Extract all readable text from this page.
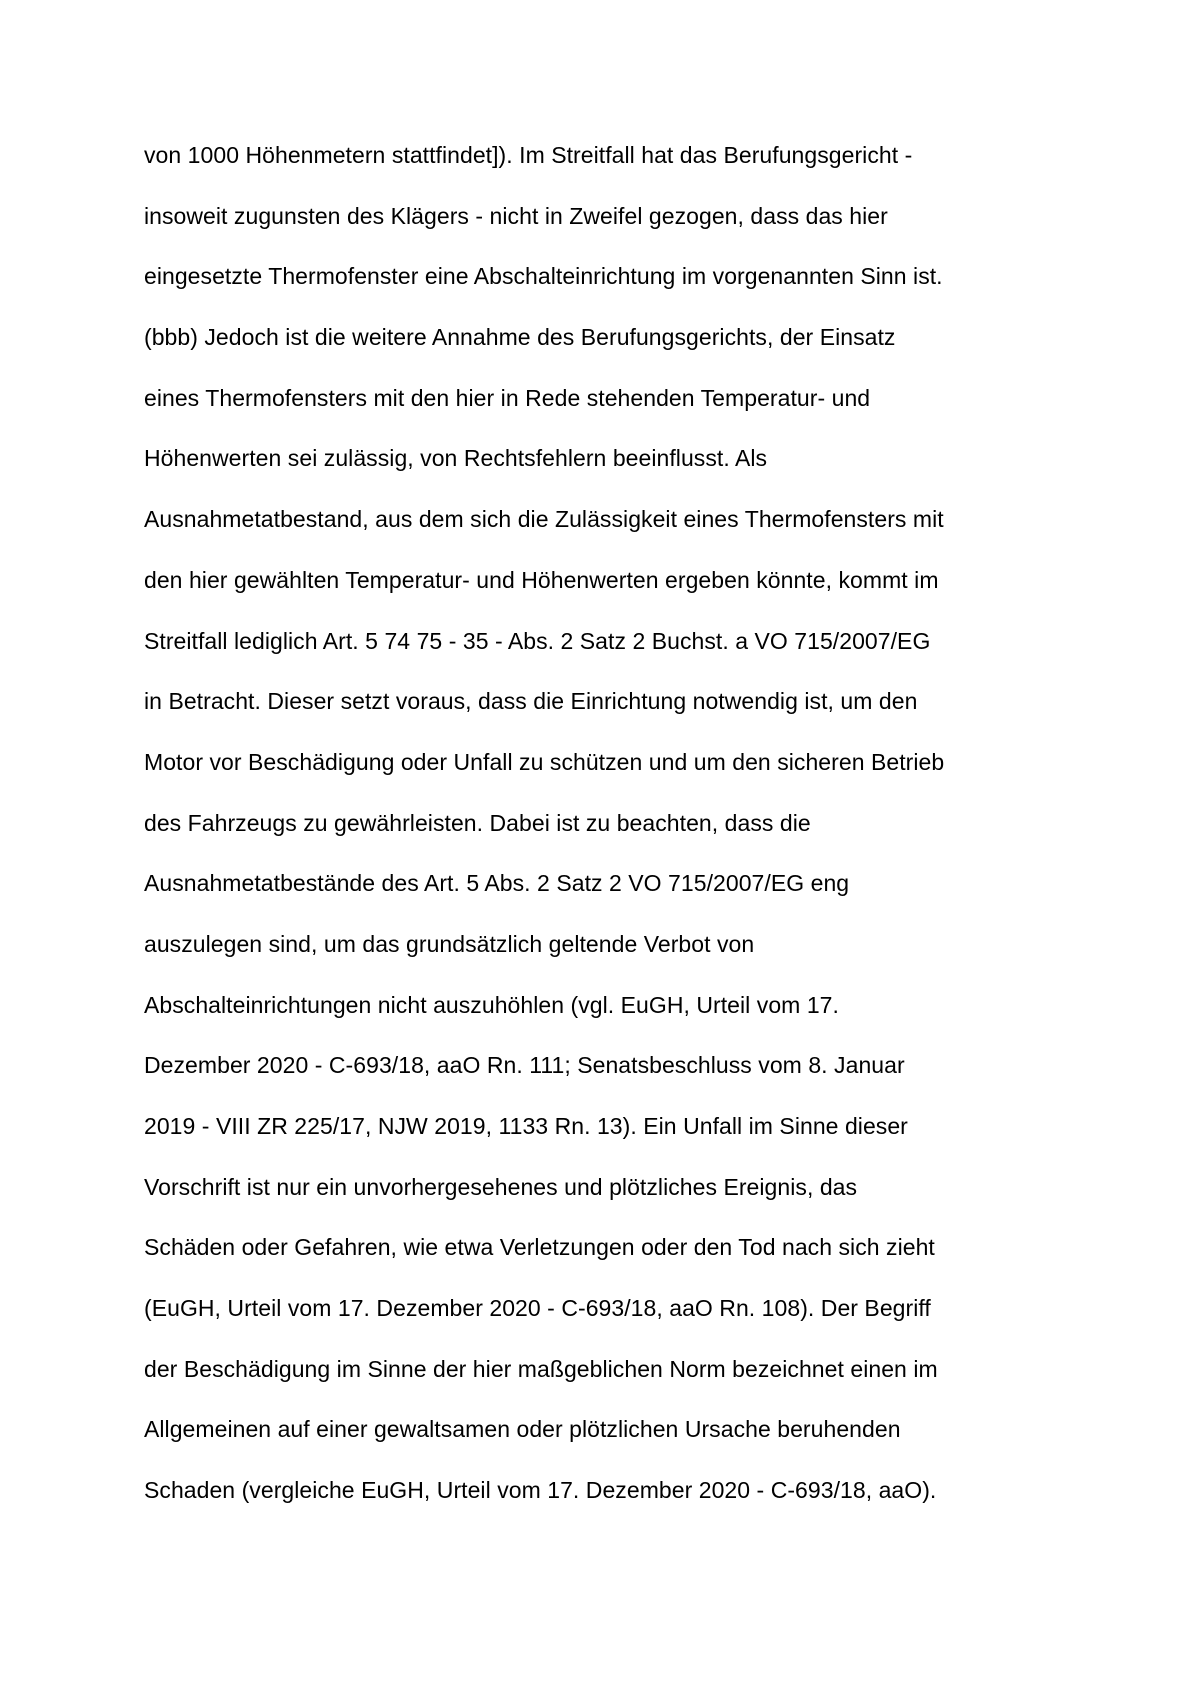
von 1000 Höhenmetern stattfindet]). Im Streitfall hat das Berufungsgericht -
insoweit zugunsten des Klägers - nicht in Zweifel gezogen, dass das hier
eingesetzte Thermofenster eine Abschalteinrichtung im vorgenannten Sinn ist.
(bbb) Jedoch ist die weitere Annahme des Berufungsgerichts, der Einsatz
eines Thermofensters mit den hier in Rede stehenden Temperatur- und
Höhenwerten sei zulässig, von Rechtsfehlern beeinflusst. Als
Ausnahmetatbestand, aus dem sich die Zulässigkeit eines Thermofensters mit
den hier gewählten Temperatur- und Höhenwerten ergeben könnte, kommt im
Streitfall lediglich Art. 5 74 75 - 35 - Abs. 2 Satz 2 Buchst. a VO 715/2007/EG
in Betracht. Dieser setzt voraus, dass die Einrichtung notwendig ist, um den
Motor vor Beschädigung oder Unfall zu schützen und um den sicheren Betrieb
des Fahrzeugs zu gewährleisten. Dabei ist zu beachten, dass die
Ausnahmetatbestände des Art. 5 Abs. 2 Satz 2 VO 715/2007/EG eng
auszulegen sind, um das grundsätzlich geltende Verbot von
Abschalteinrichtungen nicht auszuhöhlen (vgl. EuGH, Urteil vom 17.
Dezember 2020 - C-693/18, aaO Rn. 111; Senatsbeschluss vom 8. Januar
2019 - VIII ZR 225/17, NJW 2019, 1133 Rn. 13). Ein Unfall im Sinne dieser
Vorschrift ist nur ein unvorhergesehenes und plötzliches Ereignis, das
Schäden oder Gefahren, wie etwa Verletzungen oder den Tod nach sich zieht
(EuGH, Urteil vom 17. Dezember 2020 - C-693/18, aaO Rn. 108). Der Begriff
der Beschädigung im Sinne der hier maßgeblichen Norm bezeichnet einen im
Allgemeinen auf einer gewaltsamen oder plötzlichen Ursache beruhenden
Schaden (vergleiche EuGH, Urteil vom 17. Dezember 2020 - C-693/18, aaO).
